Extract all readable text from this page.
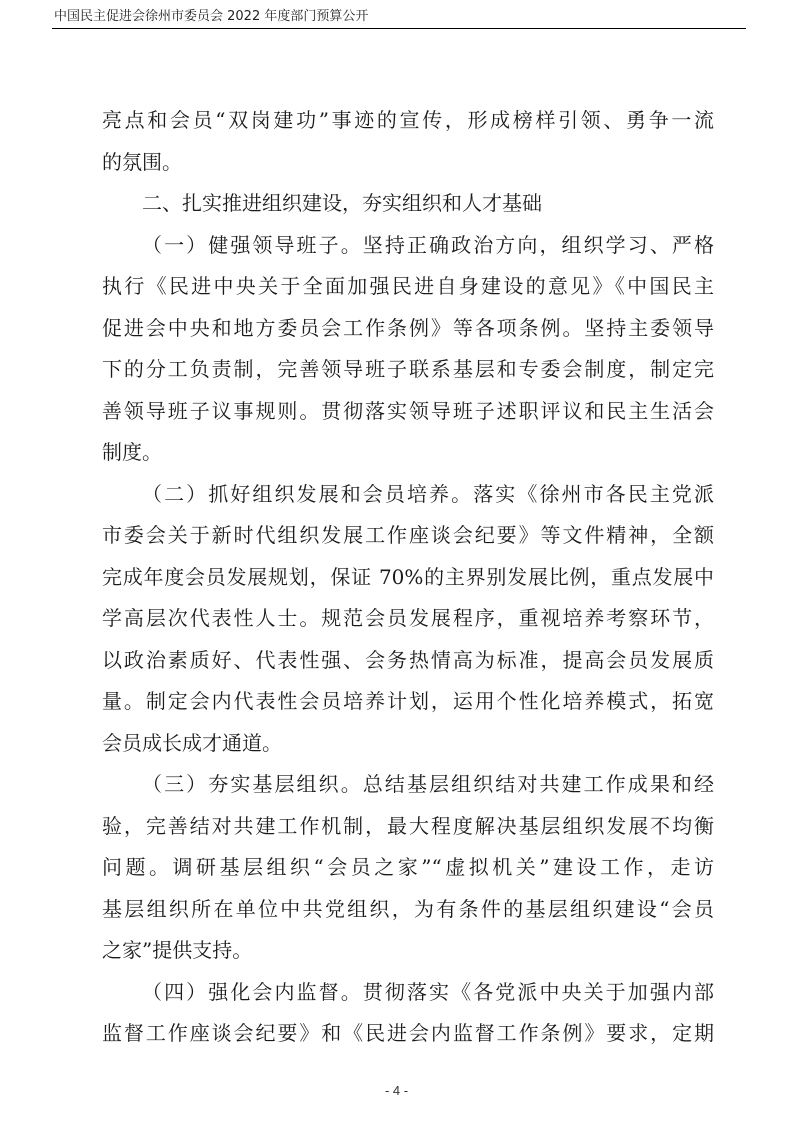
中国民主促进会徐州市委员会 2022 年度部门预算公开
亮点和会员“双岗建功”事迹的宣传，形成榜样引领、勇争一流
的氛围。
二、扎实推进组织建设，夯实组织和人才基础
（一）健强领导班子。坚持正确政治方向，组织学习、严格
执行《民进中央关于全面加强民进自身建设的意见》《中国民主
促进会中央和地方委员会工作条例》等各项条例。坚持主委领导
下的分工负责制，完善领导班子联系基层和专委会制度，制定完
善领导班子议事规则。贯彻落实领导班子述职评议和民主生活会
制度。
（二）抓好组织发展和会员培养。落实《徐州市各民主党派
市委会关于新时代组织发展工作座谈会纪要》等文件精神，全额
完成年度会员发展规划，保证 70%的主界别发展比例，重点发展中
学高层次代表性人士。规范会员发展程序，重视培养考察环节，
以政治素质好、代表性强、会务热情高为标准，提高会员发展质
量。制定会内代表性会员培养计划，运用个性化培养模式，拓宽
会员成长成才通道。
（三）夯实基层组织。总结基层组织结对共建工作成果和经
验，完善结对共建工作机制，最大程度解决基层组织发展不均衡
问题。调研基层组织“会员之家”“虚拟机关”建设工作，走访
基层组织所在单位中共党组织，为有条件的基层组织建设“会员
之家”提供支持。
（四）强化会内监督。贯彻落实《各党派中央关于加强内部
监督工作座谈会纪要》和《民进会内监督工作条例》要求，定期
- 4 -
